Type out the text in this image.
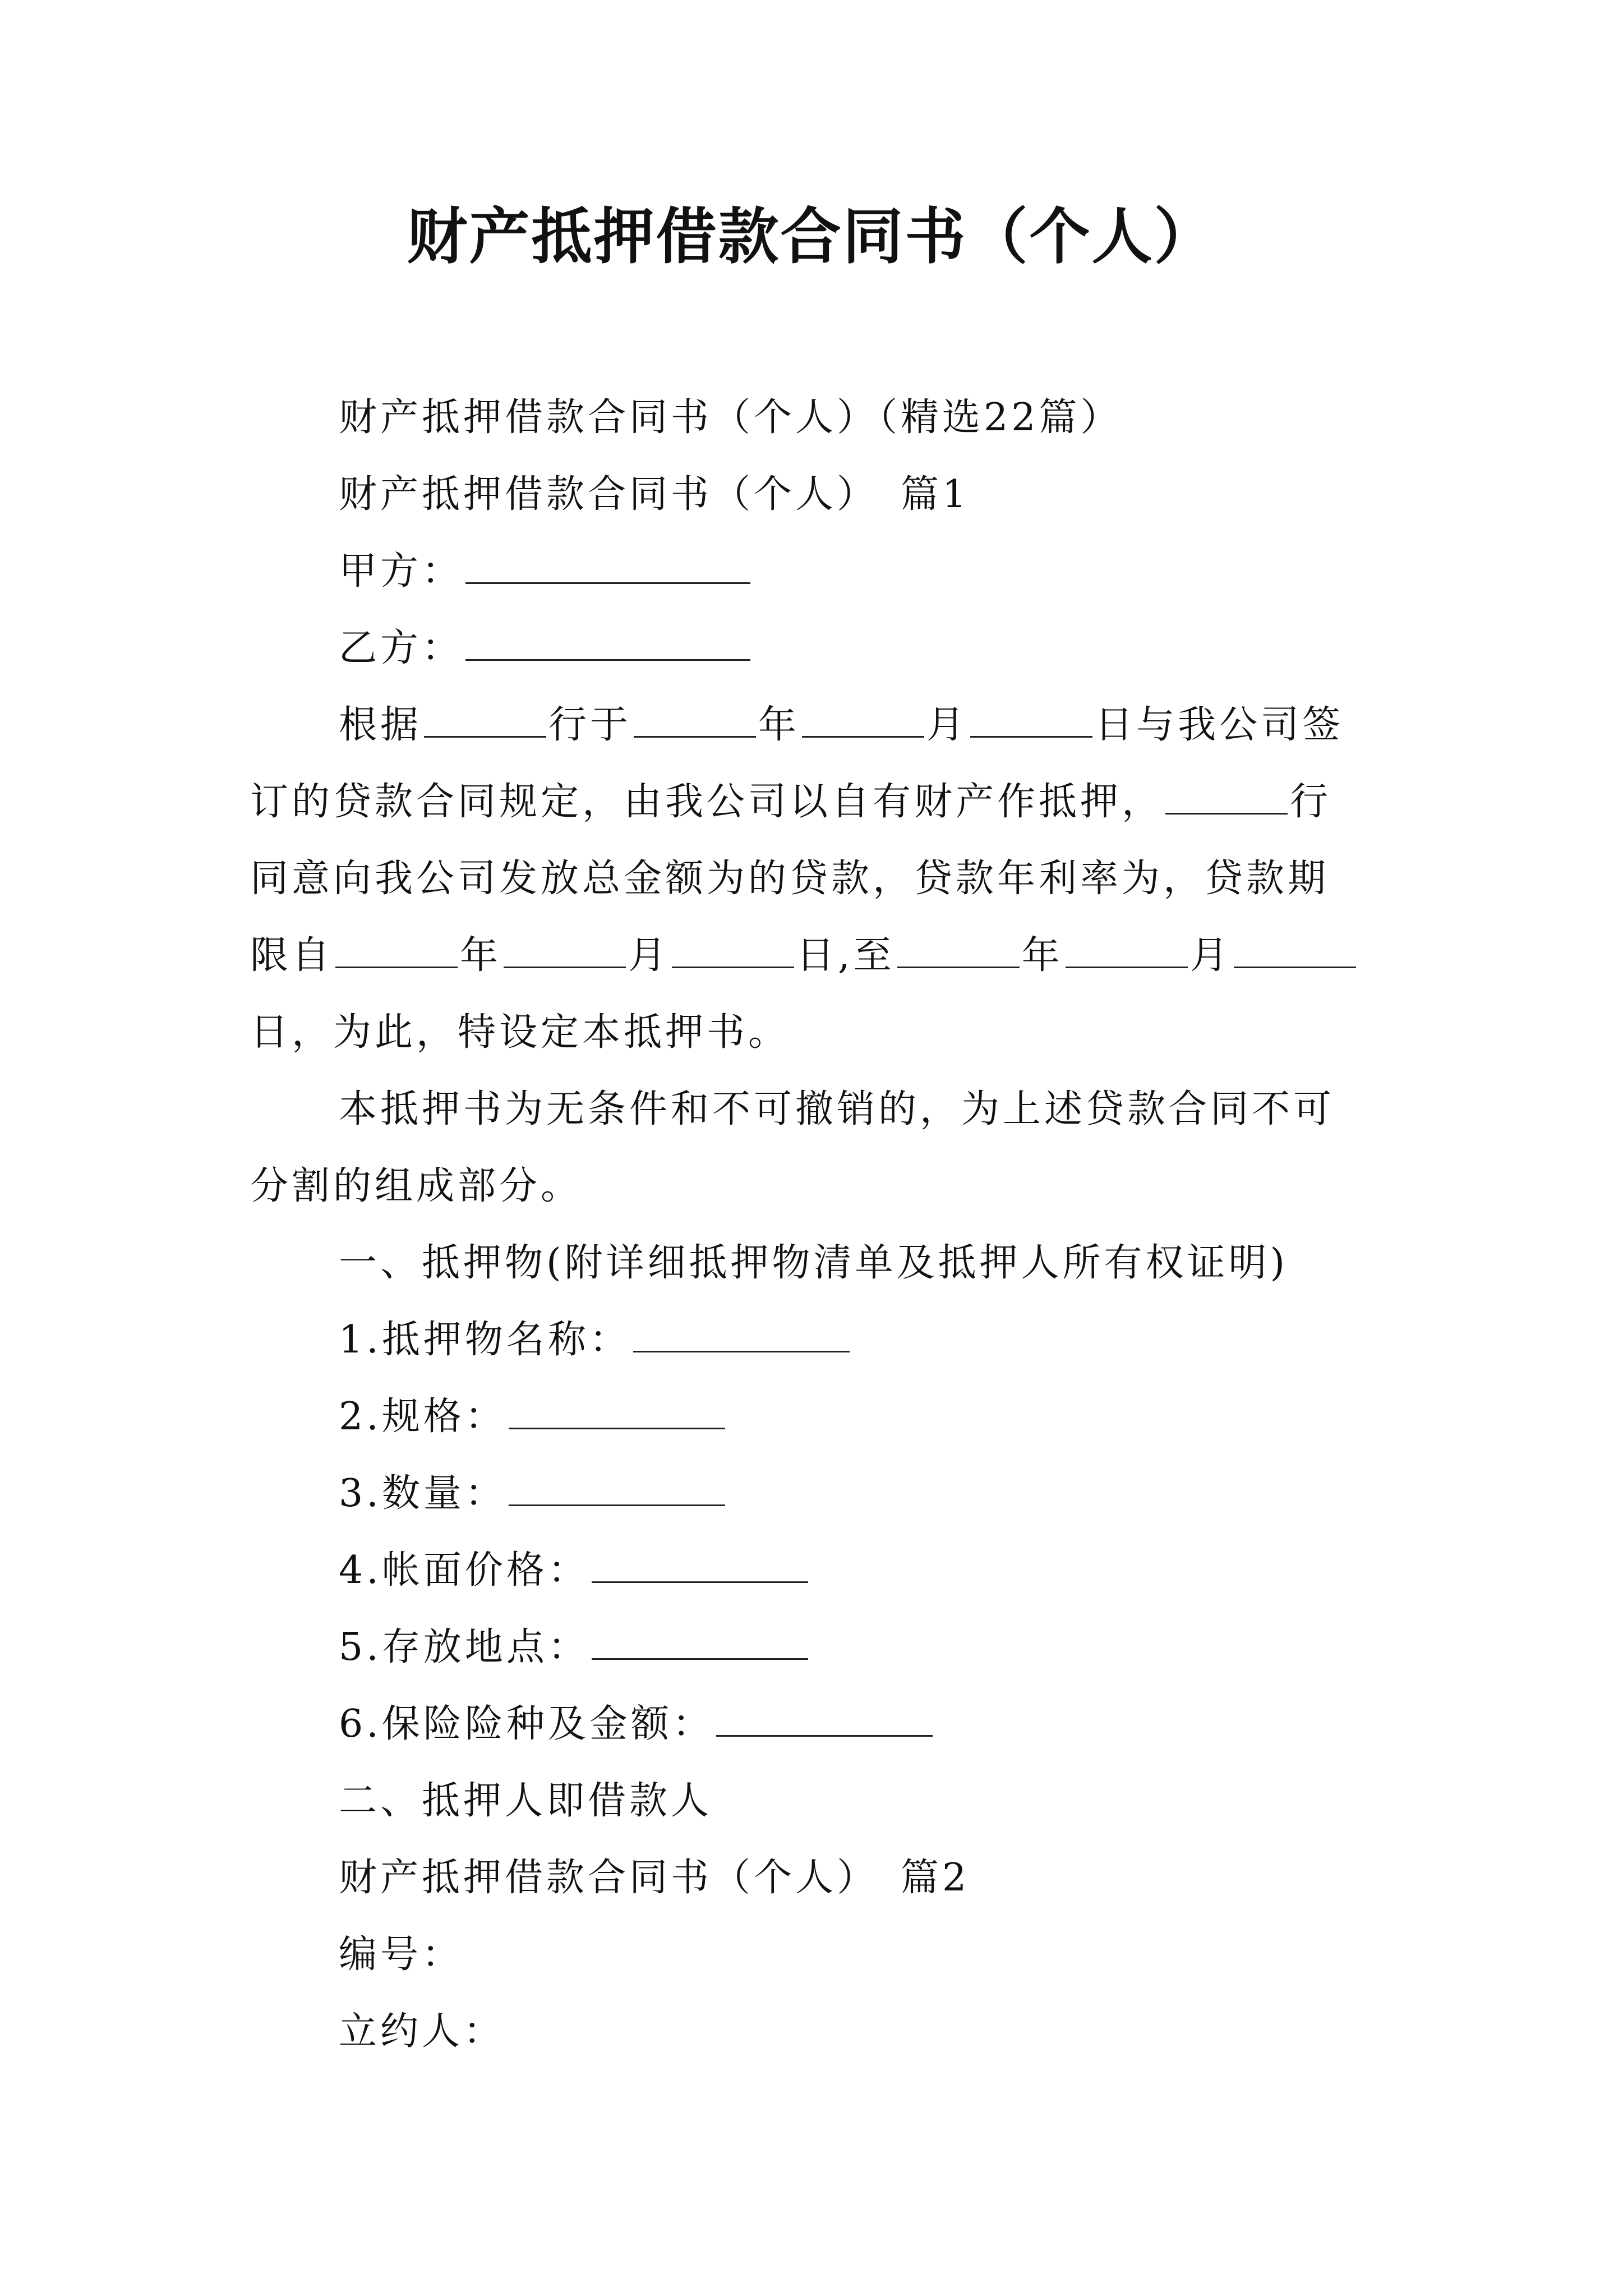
财产抵押借款合同书（个人）
财产抵押借款合同书（个人）（精选22篇）
财产抵押借款合同书（个人）　篇1
甲方：
乙方：
根据	行于	年	月	日与我公司签
订的贷款合同规定，由我公司以自有财产作抵押，	行
同意向我公司发放总金额为的贷款，贷款年利率为，贷款期
限自	年	月	日,至	年	月
日，为此，特设定本抵押书。
本抵押书为无条件和不可撤销的，为上述贷款合同不可
分割的组成部分。
一、抵押物(附详细抵押物清单及抵押人所有权证明)
1.抵押物名称：
2.规格：
3.数量：
4.帐面价格：
5.存放地点：
6.保险险种及金额：
二、抵押人即借款人
财产抵押借款合同书（个人）　篇2
编号：
立约人：
